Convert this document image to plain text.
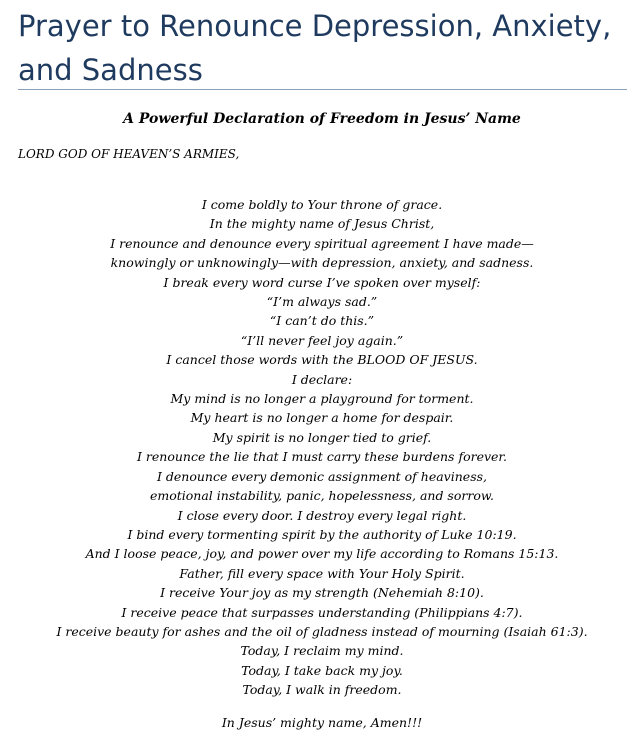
Prayer to Renounce Depression, Anxiety, and Sadness
A Powerful Declaration of Freedom in Jesus’ Name
LORD GOD OF HEAVEN’S ARMIES,
I come boldly to Your throne of grace.
In the mighty name of Jesus Christ,
I renounce and denounce every spiritual agreement I have made—
knowingly or unknowingly—with depression, anxiety, and sadness.
I break every word curse I’ve spoken over myself:
“I’m always sad.”
“I can’t do this.”
“I’ll never feel joy again.”
I cancel those words with the BLOOD OF JESUS.
I declare:
My mind is no longer a playground for torment.
My heart is no longer a home for despair.
My spirit is no longer tied to grief.
I renounce the lie that I must carry these burdens forever.
I denounce every demonic assignment of heaviness,
emotional instability, panic, hopelessness, and sorrow.
I close every door. I destroy every legal right.
I bind every tormenting spirit by the authority of Luke 10:19.
And I loose peace, joy, and power over my life according to Romans 15:13.
Father, fill every space with Your Holy Spirit.
I receive Your joy as my strength (Nehemiah 8:10).
I receive peace that surpasses understanding (Philippians 4:7).
I receive beauty for ashes and the oil of gladness instead of mourning (Isaiah 61:3).
Today, I reclaim my mind.
Today, I take back my joy.
Today, I walk in freedom.
In Jesus’ mighty name, Amen!!!
